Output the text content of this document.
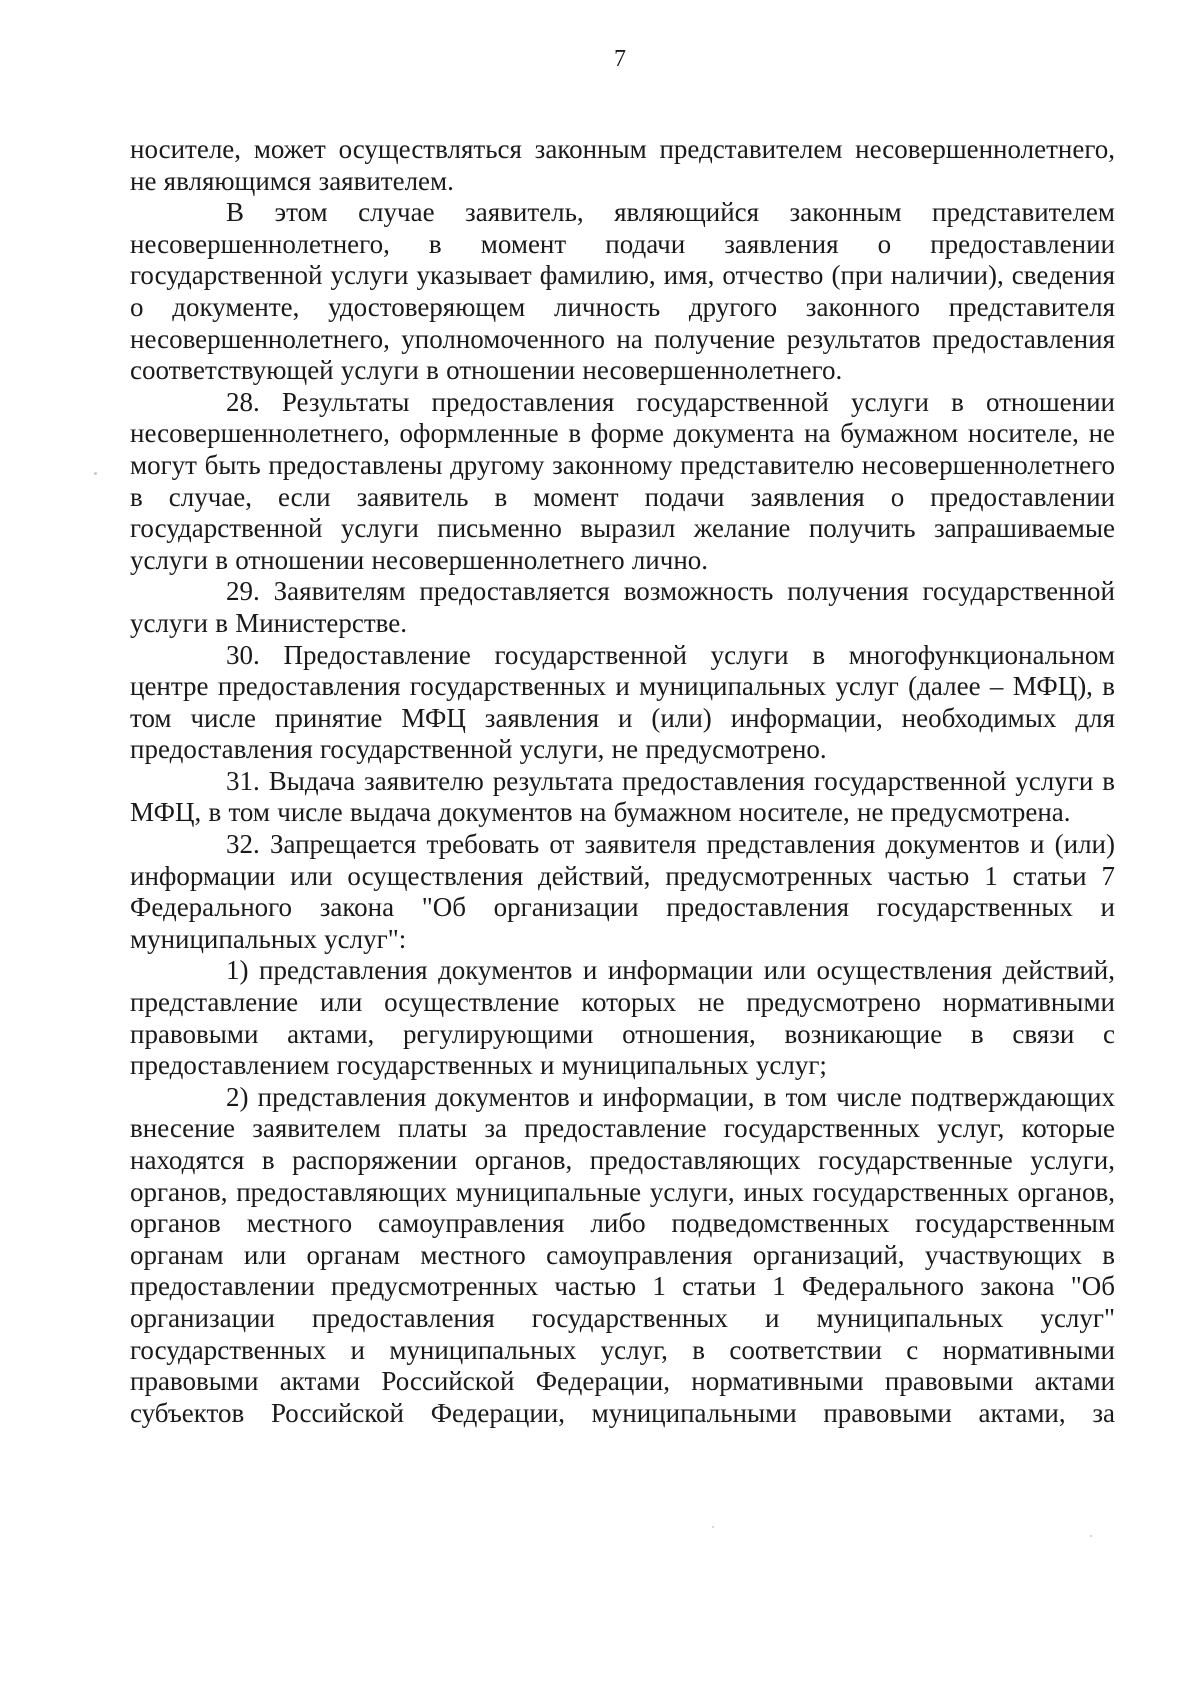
7

носителе, может осуществляться законным представителем несовершеннолетнего, не являющимся заявителем.

В этом случае заявитель, являющийся законным представителем несовершеннолетнего, в момент подачи заявления о предоставлении государственной услуги указывает фамилию, имя, отчество (при наличии), сведения о документе, удостоверяющем личность другого законного представителя несовершеннолетнего, уполномоченного на получение результатов предоставления соответствующей услуги в отношении несовершеннолетнего.

28. Результаты предоставления государственной услуги в отношении несовершеннолетнего, оформленные в форме документа на бумажном носителе, не могут быть предоставлены другому законному представителю несовершеннолетнего в случае, если заявитель в момент подачи заявления о предоставлении государственной услуги письменно выразил желание получить запрашиваемые услуги в отношении несовершеннолетнего лично.

29. Заявителям предоставляется возможность получения государственной услуги в Министерстве.

30. Предоставление государственной услуги в многофункциональном центре предоставления государственных и муниципальных услуг (далее – МФЦ), в том числе принятие МФЦ заявления и (или) информации, необходимых для предоставления государственной услуги, не предусмотрено.

31. Выдача заявителю результата предоставления государственной услуги в МФЦ, в том числе выдача документов на бумажном носителе, не предусмотрена.

32. Запрещается требовать от заявителя представления документов и (или) информации или осуществления действий, предусмотренных частью 1 статьи 7 Федерального закона "Об организации предоставления государственных и муниципальных услуг":

1) представления документов и информации или осуществления действий, представление или осуществление которых не предусмотрено нормативными правовыми актами, регулирующими отношения, возникающие в связи с предоставлением государственных и муниципальных услуг;

2) представления документов и информации, в том числе подтверждающих внесение заявителем платы за предоставление государственных услуг, которые находятся в распоряжении органов, предоставляющих государственные услуги, органов, предоставляющих муниципальные услуги, иных государственных органов, органов местного самоуправления либо подведомственных государственным органам или органам местного самоуправления организаций, участвующих в предоставлении предусмотренных частью 1 статьи 1 Федерального закона "Об организации предоставления государственных и муниципальных услуг" государственных и муниципальных услуг, в соответствии с нормативными правовыми актами Российской Федерации, нормативными правовыми актами субъектов Российской Федерации, муниципальными правовыми актами, за
